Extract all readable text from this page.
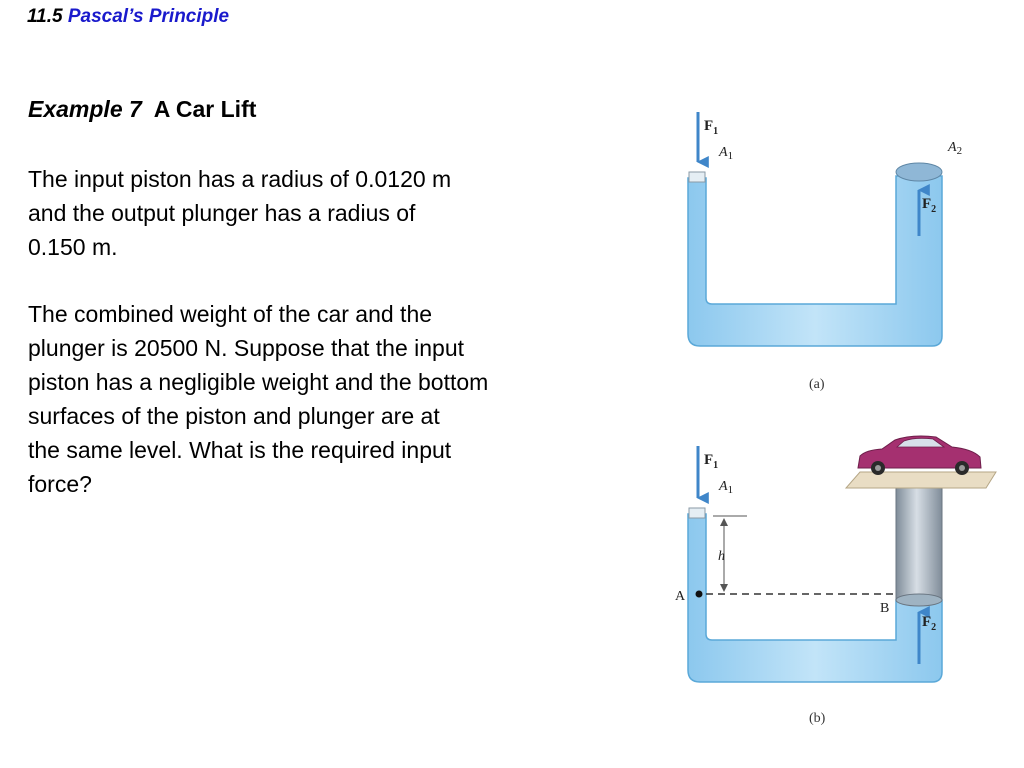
11.5 Pascal’s Principle
Example 7 A Car Lift

The input piston has a radius of 0.0120 m
and the output plunger has a radius of
0.150 m.

The combined weight of the car and the
plunger is 20500 N. Suppose that the input
piston has a negligible weight and the bottom
surfaces of the piston and plunger are at
the same level. What is the required input
force?

$F_1$
$F_2$
$A_1$
$A_2$
(a)
$F_1$
$F_2$
$A_1$
h
A
B
(b)
